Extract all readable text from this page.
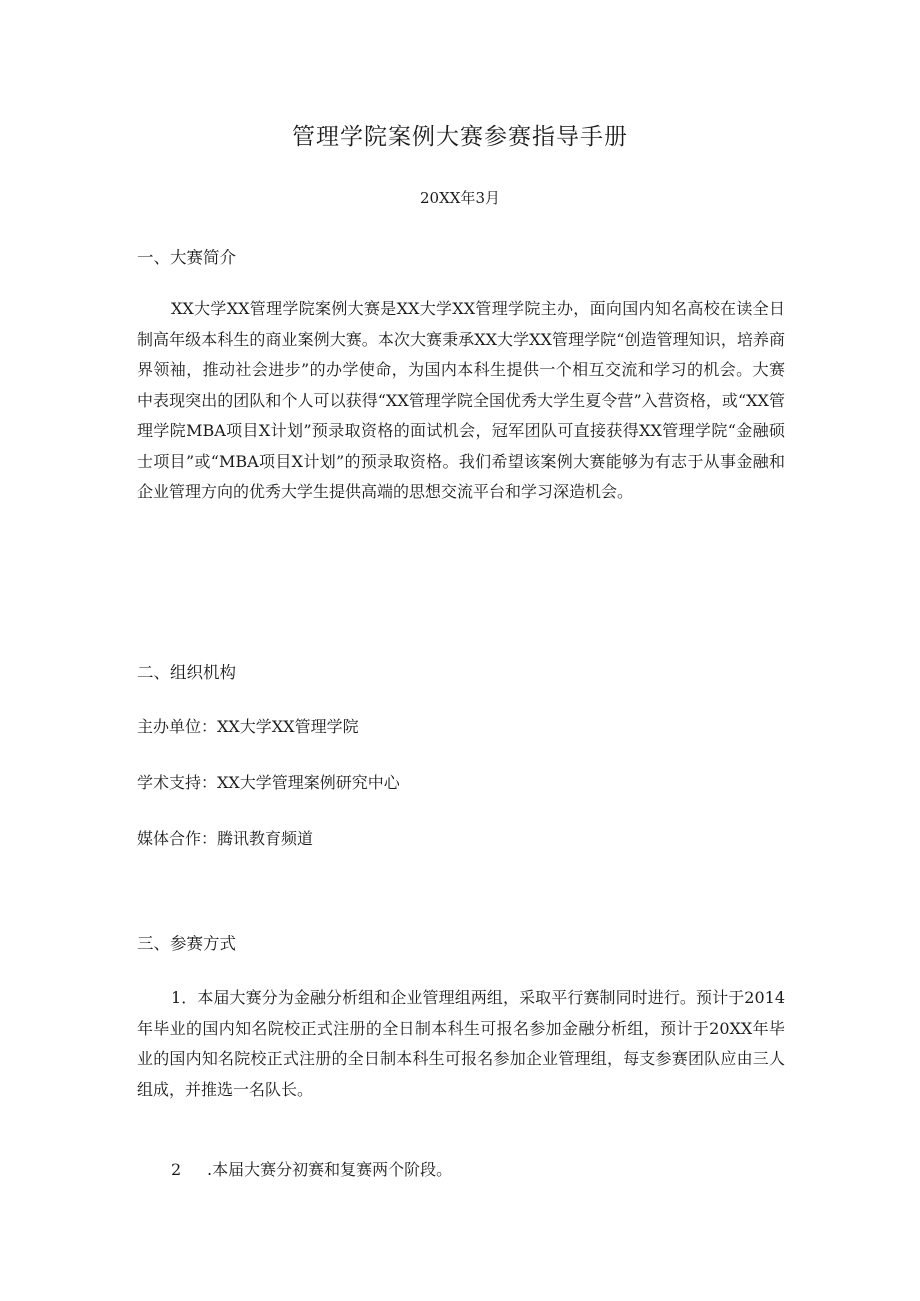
管理学院案例大赛参赛指导手册

20XX年3月

一、大赛简介

XX大学XX管理学院案例大赛是XX大学XX管理学院主办，面向国内知名高校在读全日制高年级本科生的商业案例大赛。本次大赛秉承XX大学XX管理学院“创造管理知识，培养商界领袖，推动社会进步”的办学使命，为国内本科生提供一个相互交流和学习的机会。大赛中表现突出的团队和个人可以获得“XX管理学院全国优秀大学生夏令营”入营资格，或“XX管理学院MBA项目X计划”预录取资格的面试机会，冠军团队可直接获得XX管理学院“金融硕士项目”或“MBA项目X计划”的预录取资格。我们希望该案例大赛能够为有志于从事金融和企业管理方向的优秀大学生提供高端的思想交流平台和学习深造机会。

二、组织机构

主办单位：XX大学XX管理学院

学术支持：XX大学管理案例研究中心

媒体合作：腾讯教育频道

三、参赛方式

1．本届大赛分为金融分析组和企业管理组两组，采取平行赛制同时进行。预计于2014年毕业的国内知名院校正式注册的全日制本科生可报名参加金融分析组，预计于20XX年毕业的国内知名院校正式注册的全日制本科生可报名参加企业管理组，每支参赛团队应由三人组成，并推选一名队长。

2 .本届大赛分初赛和复赛两个阶段。
